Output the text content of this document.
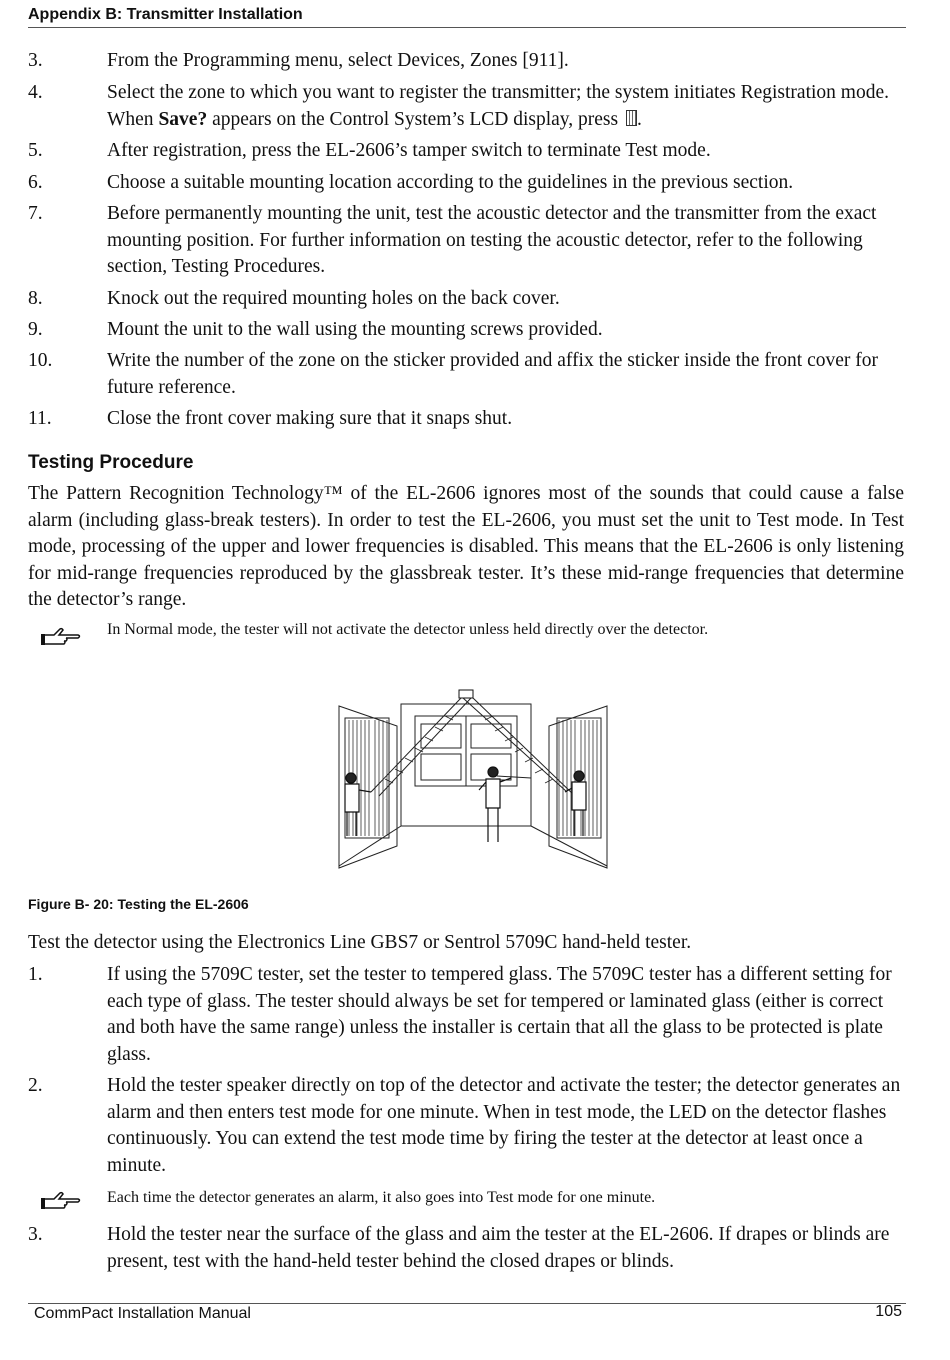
Appendix B: Transmitter Installation
3.	From the Programming menu, select Devices, Zones [911].
4.	Select the zone to which you want to register the transmitter; the system initiates Registration mode. When Save? appears on the Control System’s LCD display, press .
5.	After registration, press the EL-2606’s tamper switch to terminate Test mode.
6.	Choose a suitable mounting location according to the guidelines in the previous section.
7.	Before permanently mounting the unit, test the acoustic detector and the transmitter from the exact mounting position. For further information on testing the acoustic detector, refer to the following section, Testing Procedures.
8.	Knock out the required mounting holes on the back cover.
9.	Mount the unit to the wall using the mounting screws provided.
10.	Write the number of the zone on the sticker provided and affix the sticker inside the front cover for future reference.
11.	Close the front cover making sure that it snaps shut.
Testing Procedure
The Pattern Recognition Technology™ of the EL-2606 ignores most of the sounds that could cause a false alarm (including glass-break testers). In order to test the EL-2606, you must set the unit to Test mode. In Test mode, processing of the upper and lower frequencies is disabled. This means that the EL-2606 is only listening for mid-range frequencies reproduced by the glassbreak tester. It’s these mid-range frequencies that determine the detector’s range.
In Normal mode, the tester will not activate the detector unless held directly over the detector.
Figure B- 20: Testing the EL-2606
Test the detector using the Electronics Line GBS7 or Sentrol 5709C hand-held tester.
1.	If using the 5709C tester, set the tester to tempered glass. The 5709C tester has a different setting for each type of glass. The tester should always be set for tempered or laminated glass (either is correct and both have the same range) unless the installer is certain that all the glass to be protected is plate glass.
2.	Hold the tester speaker directly on top of the detector and activate the tester; the detector generates an alarm and then enters test mode for one minute. When in test mode, the LED on the detector flashes continuously. You can extend the test mode time by firing the tester at the detector at least once a minute.
Each time the detector generates an alarm, it also goes into Test mode for one minute.
3.	Hold the tester near the surface of the glass and aim the tester at the EL-2606. If drapes or blinds are present, test with the hand-held tester behind the closed drapes or blinds.
CommPact Installation Manual	105
